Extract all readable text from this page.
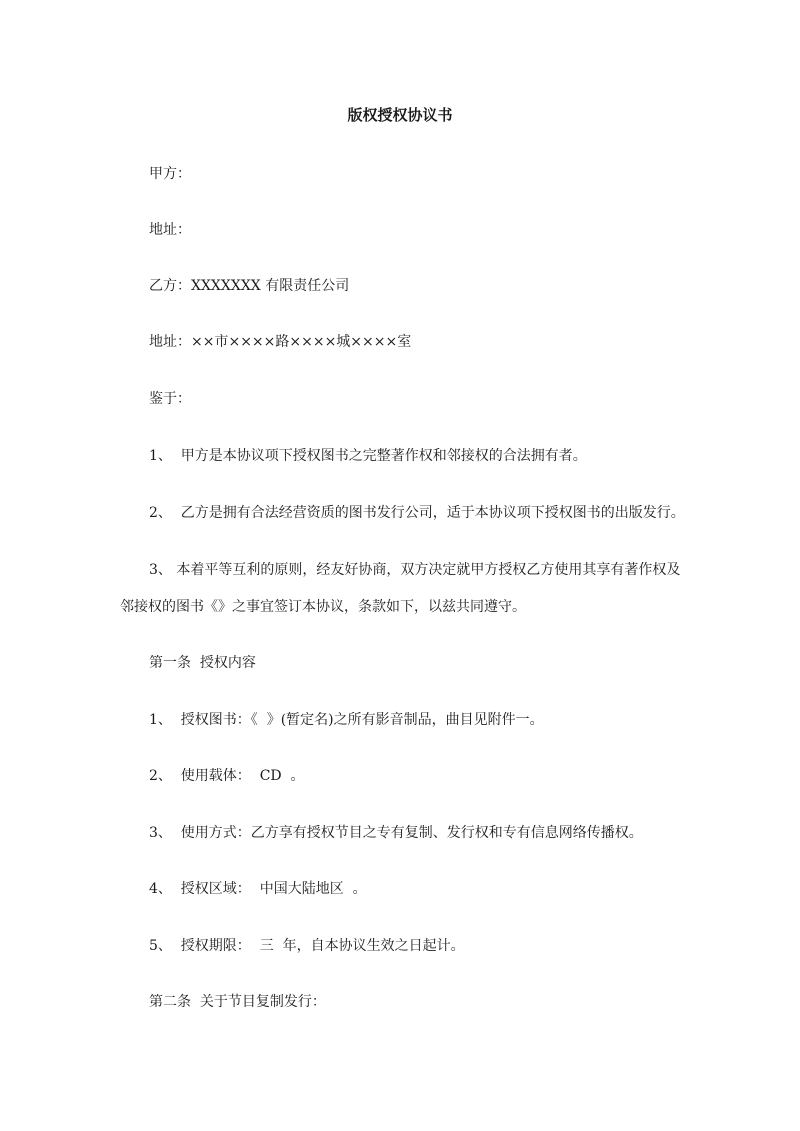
版权授权协议书
甲方：
地址：
乙方：XXXXXXX 有限责任公司
地址：××市××××路××××城××××室
鉴于：
1、  甲方是本协议项下授权图书之完整著作权和邻接权的合法拥有者。
2、  乙方是拥有合法经营资质的图书发行公司，适于本协议项下授权图书的出版发行。
3、 本着平等互利的原则，经友好协商，双方决定就甲方授权乙方使用其享有著作权及
邻接权的图书《》之事宜签订本协议，条款如下，以兹共同遵守。
第一条  授权内容
1、  授权图书：《  》(暂定名)之所有影音制品，曲目见附件一。
2、  使用载体：  CD  。
3、  使用方式：乙方享有授权节目之专有复制、发行权和专有信息网络传播权。
4、  授权区域：  中国大陆地区  。
5、  授权期限：  三  年，自本协议生效之日起计。
第二条  关于节目复制发行：
